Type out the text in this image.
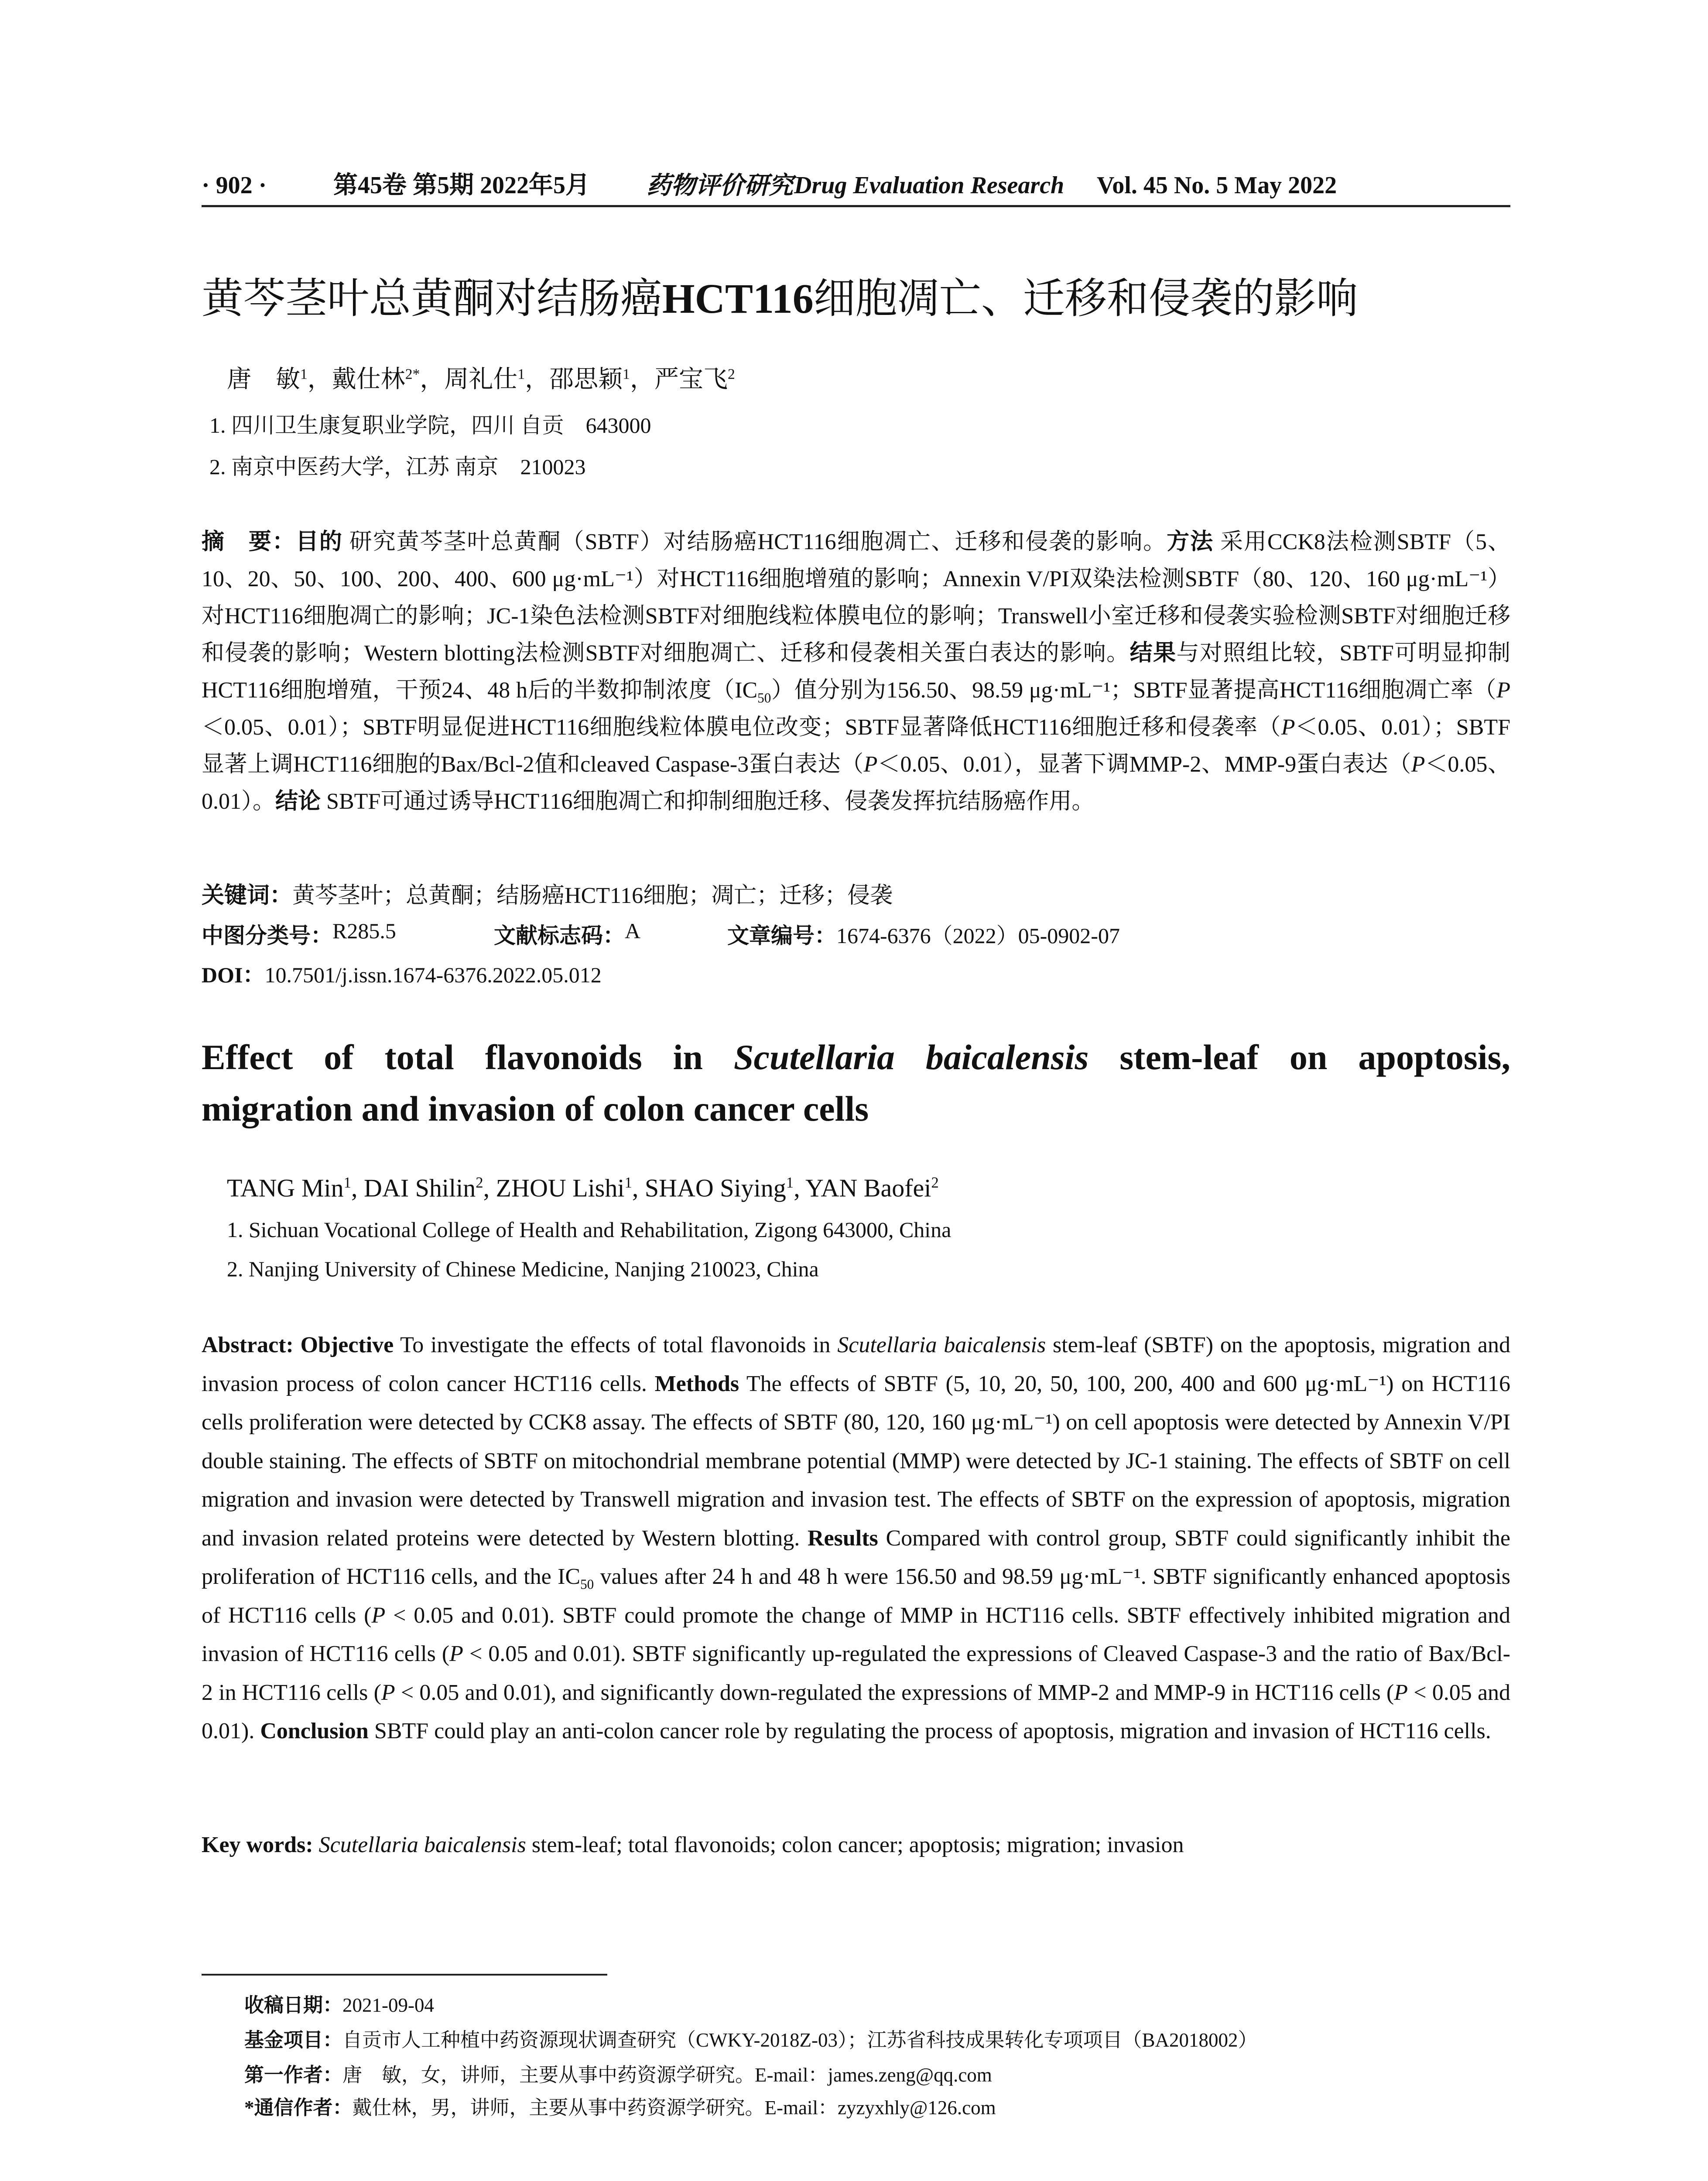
· 902 ·	第45卷 第5期 2022年5月 药物评价研究 Drug Evaluation Research Vol. 45 No. 5 May 2022
黄芩茎叶总黄酮对结肠癌HCT116细胞凋亡、迁移和侵袭的影响
唐　敏$^1$，戴仕林$^{2*}$，周礼仕$^1$，邵思颖$^1$，严宝飞$^2$
1. 四川卫生康复职业学院，四川 自贡　643000
2. 南京中医药大学，江苏 南京　210023
摘　要：目的 研究黄芩茎叶总黄酮（SBTF）对结肠癌HCT116细胞凋亡、迁移和侵袭的影响。方法 采用CCK8法检测SBTF（5、10、20、50、100、200、400、600 μg·mL⁻¹）对HCT116细胞增殖的影响；Annexin V/PI双染法检测SBTF（80、120、160 μg·mL⁻¹）对HCT116细胞凋亡的影响；JC-1染色法检测SBTF对细胞线粒体膜电位的影响；Transwell小室迁移和侵袭实验检测SBTF对细胞迁移和侵袭的影响；Western blotting法检测SBTF对细胞凋亡、迁移和侵袭相关蛋白表达的影响。结果与对照组比较，SBTF可明显抑制HCT116细胞增殖，干预24、48 h后的半数抑制浓度$(IC_{50})$值分别为156.50、98.59 μg·mL⁻¹；SBTF显著提高HCT116细胞凋亡率（P＜0.05、0.01）；SBTF明显促进HCT116细胞线粒体膜电位改变；SBTF显著降低HCT116细胞迁移和侵袭率（P＜0.05、0.01）；SBTF显著上调HCT116细胞的Bax/Bcl-2值和cleaved Caspase-3蛋白表达（P＜0.05、0.01），显著下调MMP-2、MMP-9蛋白表达（P＜0.05、0.01）。结论 SBTF可通过诱导HCT116细胞凋亡和抑制细胞迁移、侵袭发挥抗结肠癌作用。
关键词：黄芩茎叶；总黄酮；结肠癌HCT116细胞；凋亡；迁移；侵袭
中图分类号： R285.5	文献标志码： A	文章编号： 1674-6376（2022）05-0902-07
DOI：10.7501/j.issn.1674-6376.2022.05.012
Effect of total flavonoids in Scutellaria baicalensis stem-leaf on apoptosis,
migration and invasion of colon cancer cells
TANG Min$^1$, DAI Shilin$^2$, ZHOU Lishi$^1$, SHAO Siying$^1$, YAN Baofei$^2$
1. Sichuan Vocational College of Health and Rehabilitation, Zigong 643000, China
2. Nanjing University of Chinese Medicine, Nanjing 210023, China
Abstract: Objective To investigate the effects of total flavonoids in Scutellaria baicalensis stem-leaf (SBTF) on the apoptosis, migration and invasion process of colon cancer HCT116 cells. Methods The effects of SBTF (5, 10, 20, 50, 100, 200, 400 and 600 μg·mL⁻¹) on HCT116 cells proliferation were detected by CCK8 assay. The effects of SBTF (80, 120, 160 μg·mL⁻¹) on cell apoptosis were detected by Annexin V/PI double staining. The effects of SBTF on mitochondrial membrane potential (MMP) were detected by JC-1 staining. The effects of SBTF on cell migration and invasion were detected by Transwell migration and invasion test. The effects of SBTF on the expression of apoptosis, migration and invasion related proteins were detected by Western blotting. Results Compared with control group, SBTF could significantly inhibit the proliferation of HCT116 cells, and the $IC_{50}$ values after 24 h and 48 h were 156.50 and 98.59 μg·mL⁻¹. SBTF significantly enhanced apoptosis of HCT116 cells (P < 0.05 and 0.01). SBTF could promote the change of MMP in HCT116 cells. SBTF effectively inhibited migration and invasion of HCT116 cells (P < 0.05 and 0.01). SBTF significantly up-regulated the expressions of Cleaved Caspase-3 and the ratio of Bax/Bcl-2 in HCT116 cells (P < 0.05 and 0.01), and significantly down-regulated the expressions of MMP-2 and MMP-9 in HCT116 cells (P < 0.05 and 0.01). Conclusion SBTF could play an anti-colon cancer role by regulating the process of apoptosis, migration and invasion of HCT116 cells.
Key words: Scutellaria baicalensis stem-leaf; total flavonoids; colon cancer; apoptosis; migration; invasion
收稿日期：2021-09-04
基金项目：自贡市人工种植中药资源现状调查研究（CWKY-2018Z-03）；江苏省科技成果转化专项项目（BA2018002）
第一作者：唐　敏，女，讲师，主要从事中药资源学研究。E-mail：james.zeng@qq.com
*通信作者：戴仕林，男，讲师，主要从事中药资源学研究。E-mail：zyzyxhly@126.com
